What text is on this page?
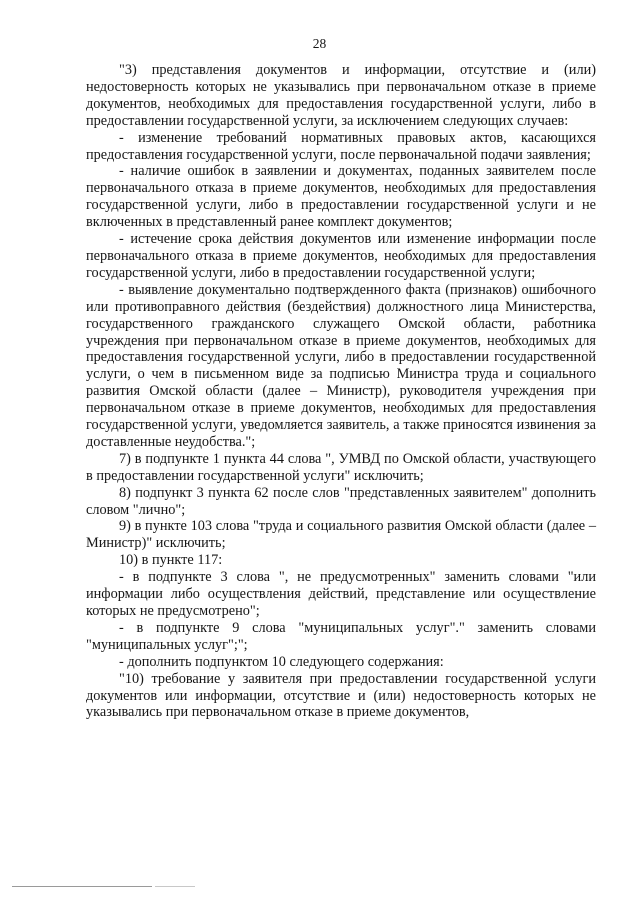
28

"3) представления документов и информации, отсутствие и (или) недостоверность которых не указывались при первоначальном отказе в приеме документов, необходимых для предоставления государственной услуги, либо в предоставлении государственной услуги, за исключением следующих случаев:

- изменение требований нормативных правовых актов, касающихся предоставления государственной услуги, после первоначальной подачи заявления;

- наличие ошибок в заявлении и документах, поданных заявителем после первоначального отказа в приеме документов, необходимых для предоставления государственной услуги, либо в предоставлении государственной услуги и не включенных в представленный ранее комплект документов;

- истечение срока действия документов или изменение информации после первоначального отказа в приеме документов, необходимых для предоставления государственной услуги, либо в предоставлении государственной услуги;

- выявление документально подтвержденного факта (признаков) ошибочного или противоправного действия (бездействия) должностного лица Министерства, государственного гражданского служащего Омской области, работника учреждения при первоначальном отказе в приеме документов, необходимых для предоставления государственной услуги, либо в предоставлении государственной услуги, о чем в письменном виде за подписью Министра труда и социального развития Омской области (далее – Министр), руководителя учреждения при первоначальном отказе в приеме документов, необходимых для предоставления государственной услуги, уведомляется заявитель, а также приносятся извинения за доставленные неудобства.";

7) в подпункте 1 пункта 44 слова ", УМВД по Омской области, участвующего в предоставлении государственной услуги" исключить;

8) подпункт 3 пункта 62 после слов "представленных заявителем" дополнить словом "лично";

9) в пункте 103 слова "труда и социального развития Омской области (далее – Министр)" исключить;

10) в пункте 117:

- в подпункте 3 слова ", не предусмотренных" заменить словами "или информации либо осуществления действий, представление или осуществление которых не предусмотрено";

- в подпункте 9 слова "муниципальных услуг"." заменить словами "муниципальных услуг";";

- дополнить подпунктом 10 следующего содержания:

"10) требование у заявителя при предоставлении государственной услуги документов или информации, отсутствие и (или) недостоверность которых не указывались при первоначальном отказе в приеме документов,
